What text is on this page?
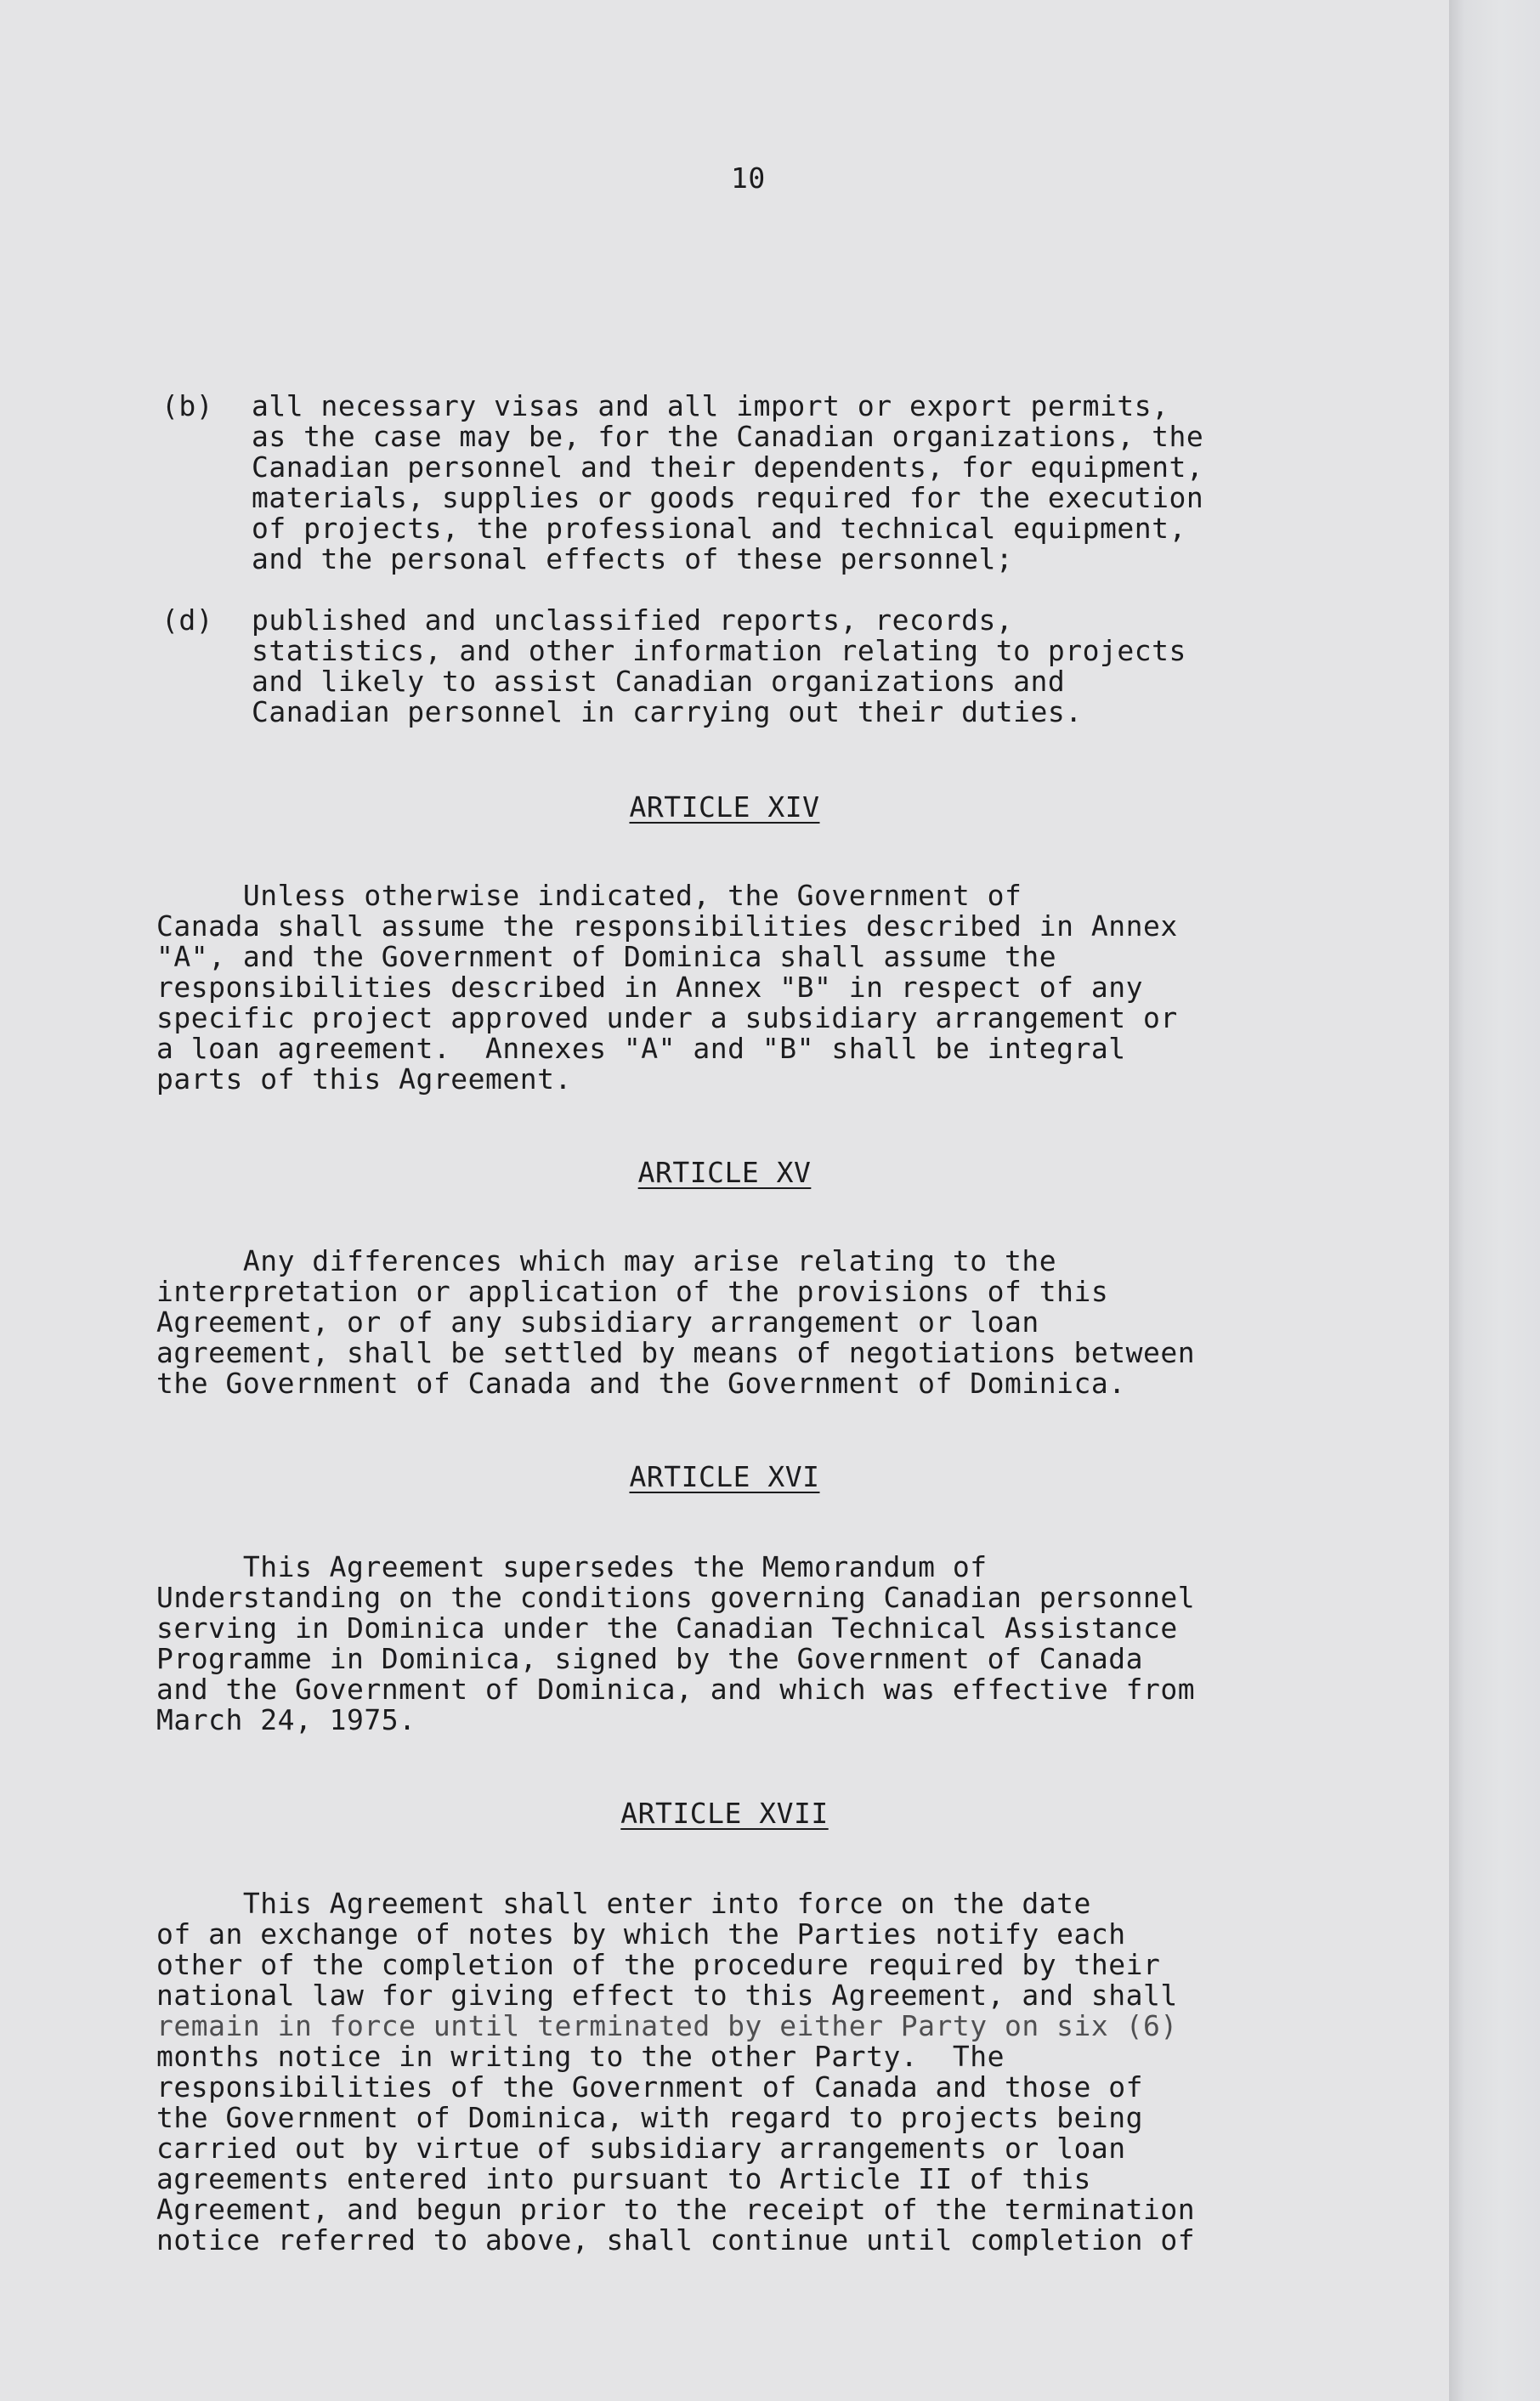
10
(b)	all necessary visas and all import or export permits,
as the case may be, for the Canadian organizations, the
Canadian personnel and their dependents, for equipment,
materials, supplies or goods required for the execution
of projects, the professional and technical equipment,
and the personal effects of these personnel;
(d)	published and unclassified reports, records,
statistics, and other information relating to projects
and likely to assist Canadian organizations and
Canadian personnel in carrying out their duties.
ARTICLE XIV
Unless otherwise indicated, the Government of
Canada shall assume the responsibilities described in Annex
"A", and the Government of Dominica shall assume the
responsibilities described in Annex "B" in respect of any
specific project approved under a subsidiary arrangement or
a loan agreement.  Annexes "A" and "B" shall be integral
parts of this Agreement.
ARTICLE XV
Any differences which may arise relating to the
interpretation or application of the provisions of this
Agreement, or of any subsidiary arrangement or loan
agreement, shall be settled by means of negotiations between
the Government of Canada and the Government of Dominica.
ARTICLE XVI
This Agreement supersedes the Memorandum of
Understanding on the conditions governing Canadian personnel
serving in Dominica under the Canadian Technical Assistance
Programme in Dominica, signed by the Government of Canada
and the Government of Dominica, and which was effective from
March 24, 1975.
ARTICLE XVII
This Agreement shall enter into force on the date
of an exchange of notes by which the Parties notify each
other of the completion of the procedure required by their
national law for giving effect to this Agreement, and shall
remain in force until terminated by either Party on six (6)
months notice in writing to the other Party.  The
responsibilities of the Government of Canada and those of
the Government of Dominica, with regard to projects being
carried out by virtue of subsidiary arrangements or loan
agreements entered into pursuant to Article II of this
Agreement, and begun prior to the receipt of the termination
notice referred to above, shall continue until completion of
